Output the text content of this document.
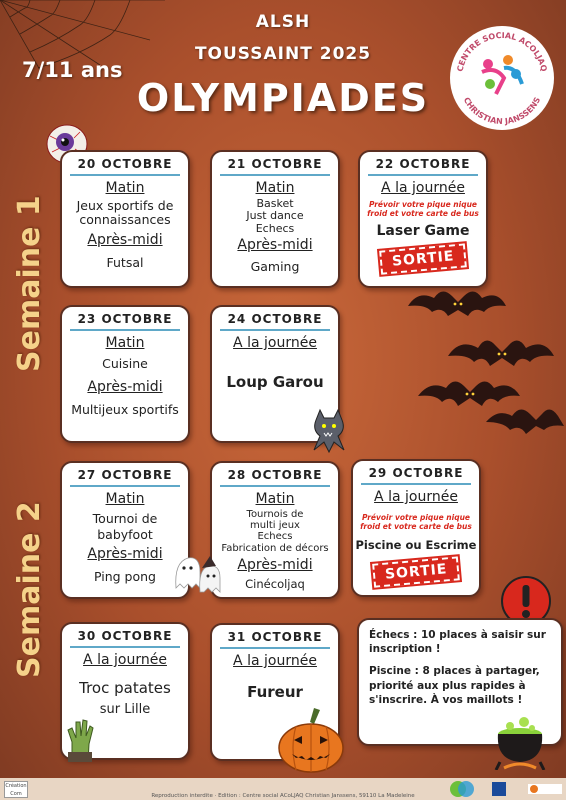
ALSH
TOUSSAINT 2025
OLYMPIADES
7/11 ans	CENTRE SOCIAL ACOLJAQ
CHRISTIAN JANSSENS
Semaine 1
Semaine 2
20 OCTOBRE
Matin
Jeux sportifs de connaissances
Après-midi
Futsal
21 OCTOBRE
Matin
Basket
Just dance
Echecs
Après-midi
Gaming
22 OCTOBRE
A la journée
Prévoir votre pique nique froid et votre carte de bus
Laser Game
SORTIE
23 OCTOBRE
Matin
Cuisine
Après-midi
Multijeux sportifs
24 OCTOBRE
A la journée
Loup Garou
27 OCTOBRE
Matin
Tournoi de
babyfoot
Après-midi
Ping pong
28 OCTOBRE
Matin
Tournois de
multi jeux
Echecs
Fabrication de décors
Après-midi
Cinécoljaq
29 OCTOBRE
A la journée
Prévoir votre pique nique froid et votre carte de bus
Piscine ou Escrime
SORTIE
30 OCTOBRE
A la journée
Troc patates
sur Lille
31 OCTOBRE
A la journée
Fureur

Échecs : 10 places à saisir sur inscription !

Piscine : 8 places à partager, priorité aux plus rapides à s'inscrire. À vos maillots !

Création Com	Reproduction interdite · Edition : Centre social ACoLJAQ Christian Janssens, 59110 La Madeleine
